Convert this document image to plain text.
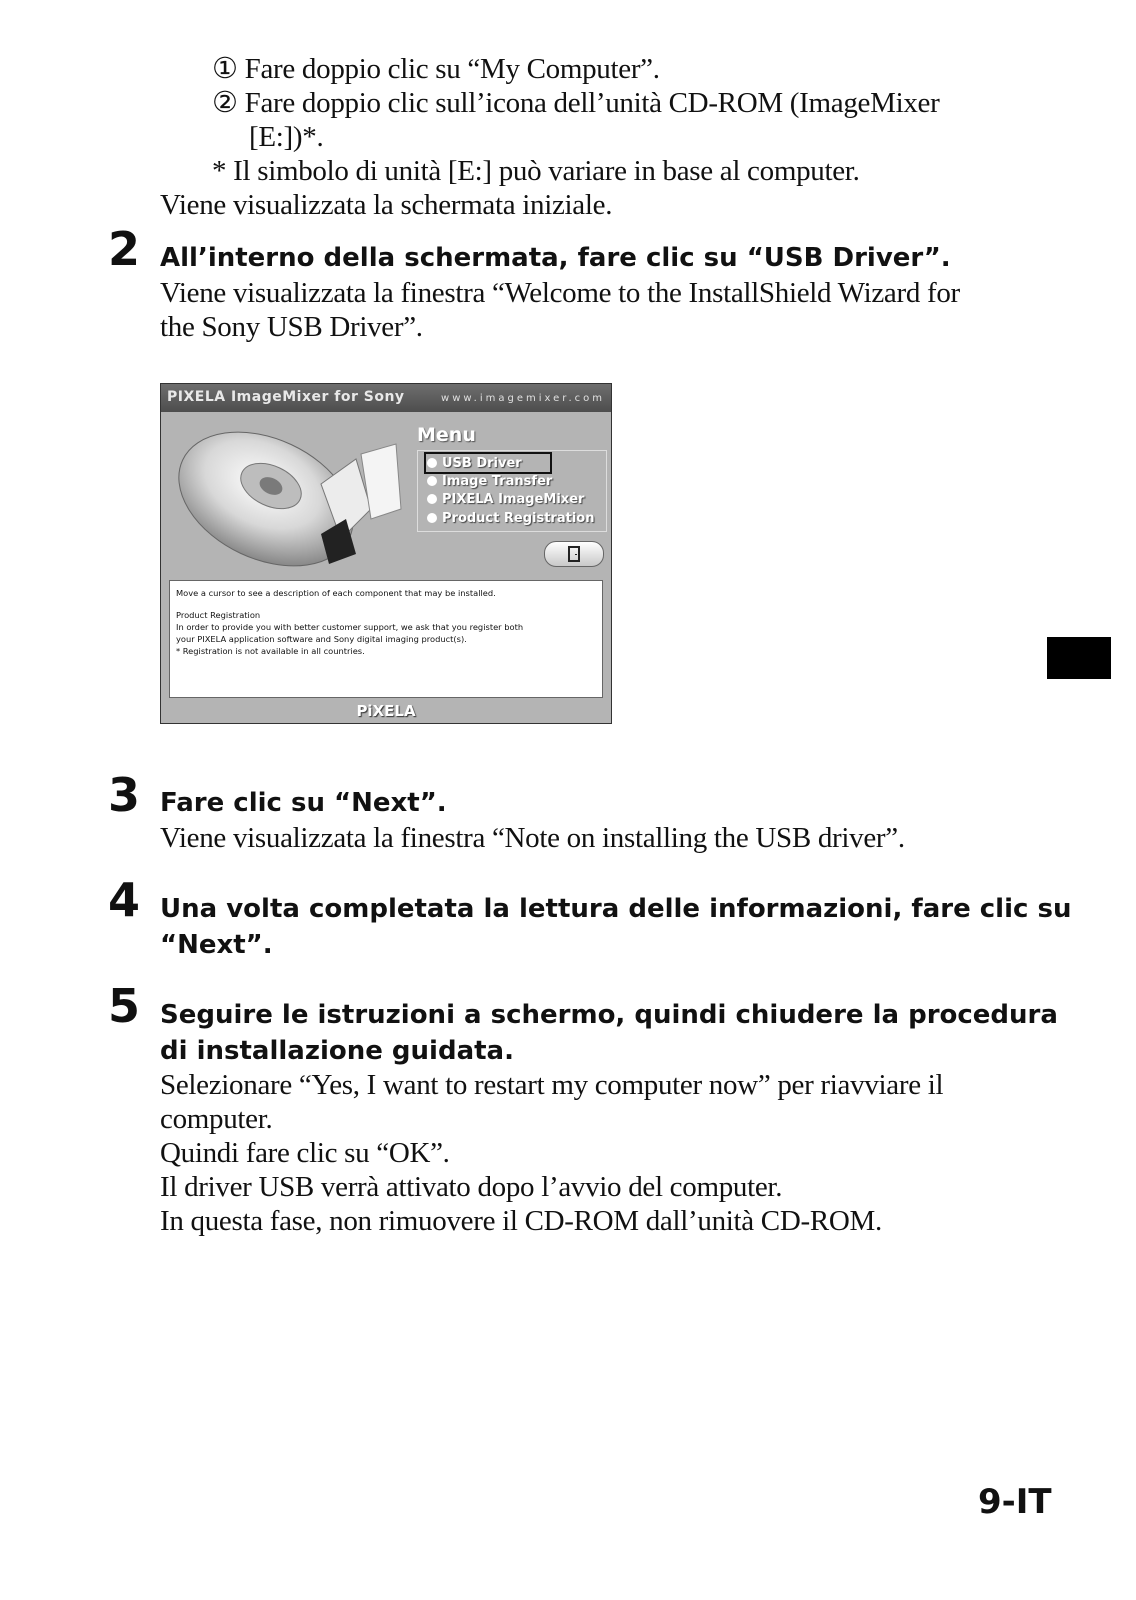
① Fare doppio clic su “My Computer”.
② Fare doppio clic sull’icona dell’unità CD-ROM (ImageMixer
[E:])*.
* Il simbolo di unità [E:] può variare in base al computer.
Viene visualizzata la schermata iniziale.
2 All’interno della schermata, fare clic su “USB Driver”.
Viene visualizzata la finestra “Welcome to the InstallShield Wizard for
the Sony USB Driver”.
PIXELA ImageMixer for Sony	www.imagemixer.com
Menu
USB Driver
Image Transfer
PIXELA ImageMixer
Product Registration
Move a cursor to see a description of each component that may be installed.
Product Registration
In order to provide you with better customer support, we ask that you register both
your PIXELA application software and Sony digital imaging product(s).
* Registration is not available in all countries.
PiXELA
3 Fare clic su “Next”.
Viene visualizzata la finestra “Note on installing the USB driver”.
4 Una volta completata la lettura delle informazioni, fare clic su
“Next”.
5 Seguire le istruzioni a schermo, quindi chiudere la procedura
di installazione guidata.
Selezionare “Yes, I want to restart my computer now” per riavviare il
computer.
Quindi fare clic su “OK”.
Il driver USB verrà attivato dopo l’avvio del computer.
In questa fase, non rimuovere il CD-ROM dall’unità CD-ROM.
9-IT
